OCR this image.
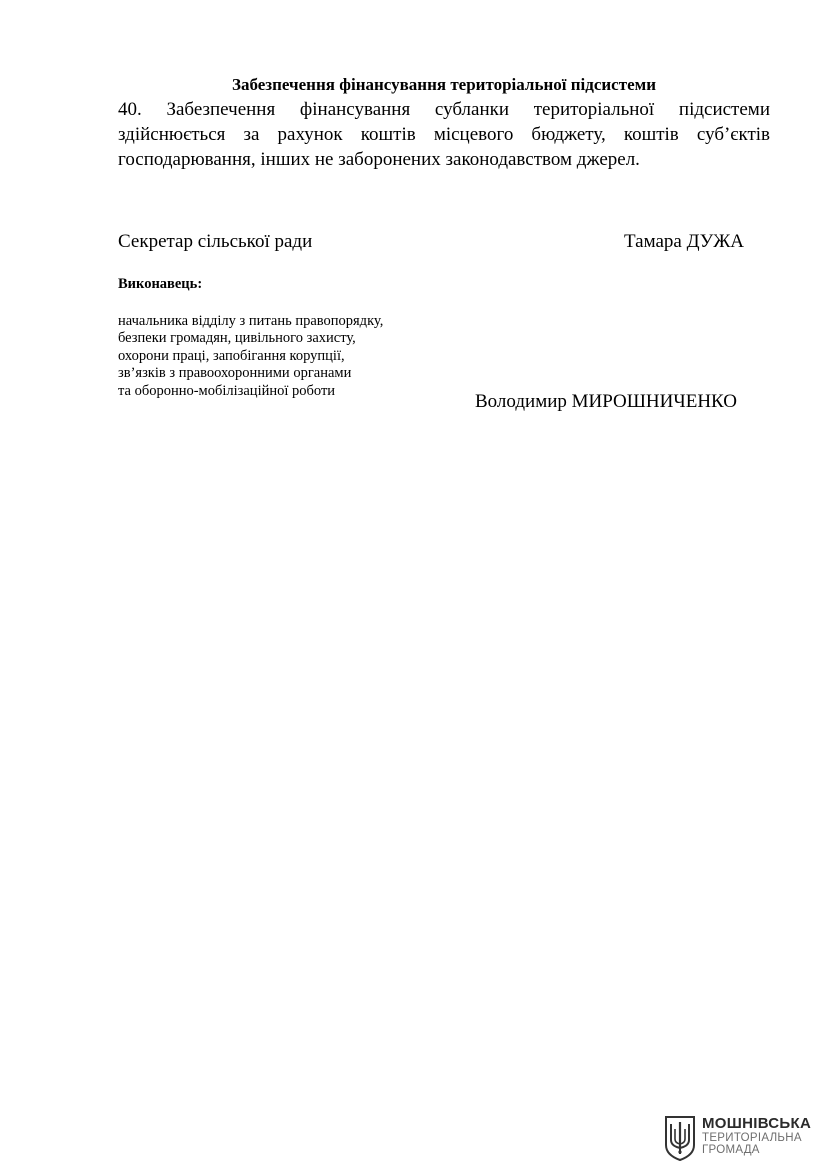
Забезпечення фінансування територіальної підсистеми

40. Забезпечення фінансування субланки територіальної підсистеми здійснюється за рахунок коштів місцевого бюджету, коштів суб’єктів господарювання, інших не заборонених законодавством джерел.

Секретар сільської ради	Тамара ДУЖА
Виконавець:
начальника відділу з питань правопорядку,
безпеки громадян, цивільного захисту,
охорони праці, запобігання корупції,
зв’язків з правоохоронними органами
та оборонно-мобілізаційної роботи
Володимир МИРОШНИЧЕНКО
МОШНІВСЬКА
ТЕРИТОРІАЛЬНА
ГРОМАДА
